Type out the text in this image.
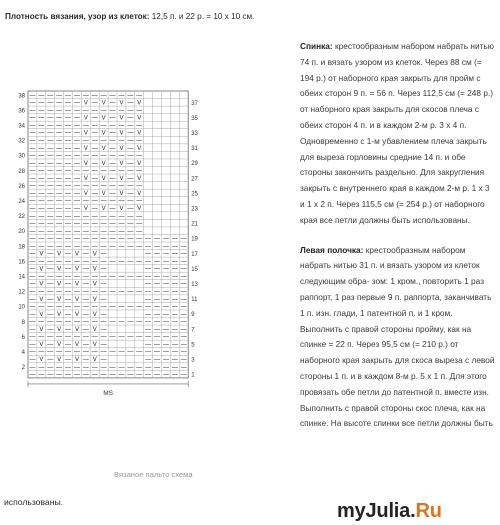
Плотность вязания, узор из клеток: 12,5 п. и 22 р. = 10 х 10 см.
38
36
34
32
30
28
26
24
22
20
18
16
14
12
10
8
6
4
2
37
35
33
31
29
27
25
23
21
19
17
15
13
11
9
7
5
3
1
— — — — — — — — — — — — —
— — — — — — — — — — — — —
— — — — — — — — — — — — —
— — — — — — — — —
V V V V
— — — — — — — — — — — — —
— — — — — — — — —
V V V V
— — — — — — — — — — — — —
— — — — — — — — —
V V V V
— — — — — — — — — — — — —
— — — — — — — — —
V V V V
— — — — — — — — — — — — —
— — — — — — — — —
V V V V
— — — — — — — — — — — — —
— — — — — — — — —
V V V V
— — — — — — — — — — — — —
— — — — — — — — —
V V V V
— — — — — — — — — — — — —
— — — — — — — — —
V V V V
— — — — — — — — — — — — —
— — — — —
— — — — — — — — — — — — —
— — — — —
— — — — — — — — — — — — —
— — — — —
— — — — —
V V V V
— — — — —
— — — — — — — — — — — — —
— — — — —
— — — — —
V V V V
— — — — —
— — — — — — — — — — — — —
— — — — —
— — — — —
V V V V
— — — — —
— — — — — — — — — — — — —
— — — — —
— — — — —
V V V V
— — — — —
— — — — — — — — — — — — —
— — — — —
— — — — —
V V V V
— — — — —
— — — — — — — — — — — — —
— — — — —
— — — — —
V V V V
— — — — —
— — — — — — — — — — — — —
— — — — —
— — — — —
V V V V
— — — — —
— — — — — — — — — — — — —
— — — — —
— — — — —
V V V V
— — — — —
— — — — — — — — — — — — —
— — — — —
— — — — — — — — — — — — —
MS
Вязаное пальто схема

Спинка: крестообразным набором набрать нитью 74 п. и вязать узором из клеток. Через 88 см (= 194 р.) от наборного края закрыть для пройм с обеих сторон 9 п. = 56 п. Через 112,5 см (= 248 р.) от наборного края закрыть для скосов плеча с обеих сторон 4 п. и в каждом 2-м р. 3 х 4 п. Одновременно с 1-м убавлением плеча закрыть для выреза горловины средние 14 п. и обе стороны закончить раздельно. Для закругления закрыть с внутреннего края в каждом 2-м р. 1 х 3 и 1 х 2 п. Через 115,5 см (= 254 р.) от наборного края все петли должны быть использованы.

Левая полочка: крестообразным набором набрать нитью 31 п. и вязать узором из клеток следующим обра- зом: 1 кром., повторить 1 раз раппорт, 1 раз первые 9 п. раппорта, заканчивать 1 п. изн. глади, 1 патентной п. и 1 кром. Выполнить с правой стороны пройму, как на спинке = 22 п. Через 95,5 см (= 210 р.) от наборного края закрыть для скоса выреза с левой стороны 1 п. и в каждом 8-м р. 5 х 1 п. Для этого провязать обе петли до патентной п. вместе изн. Выполнить с правой стороны скос плеча, как на спинке. На высоте спинки все петли должны быть

использованы.	myJulia.Ru
